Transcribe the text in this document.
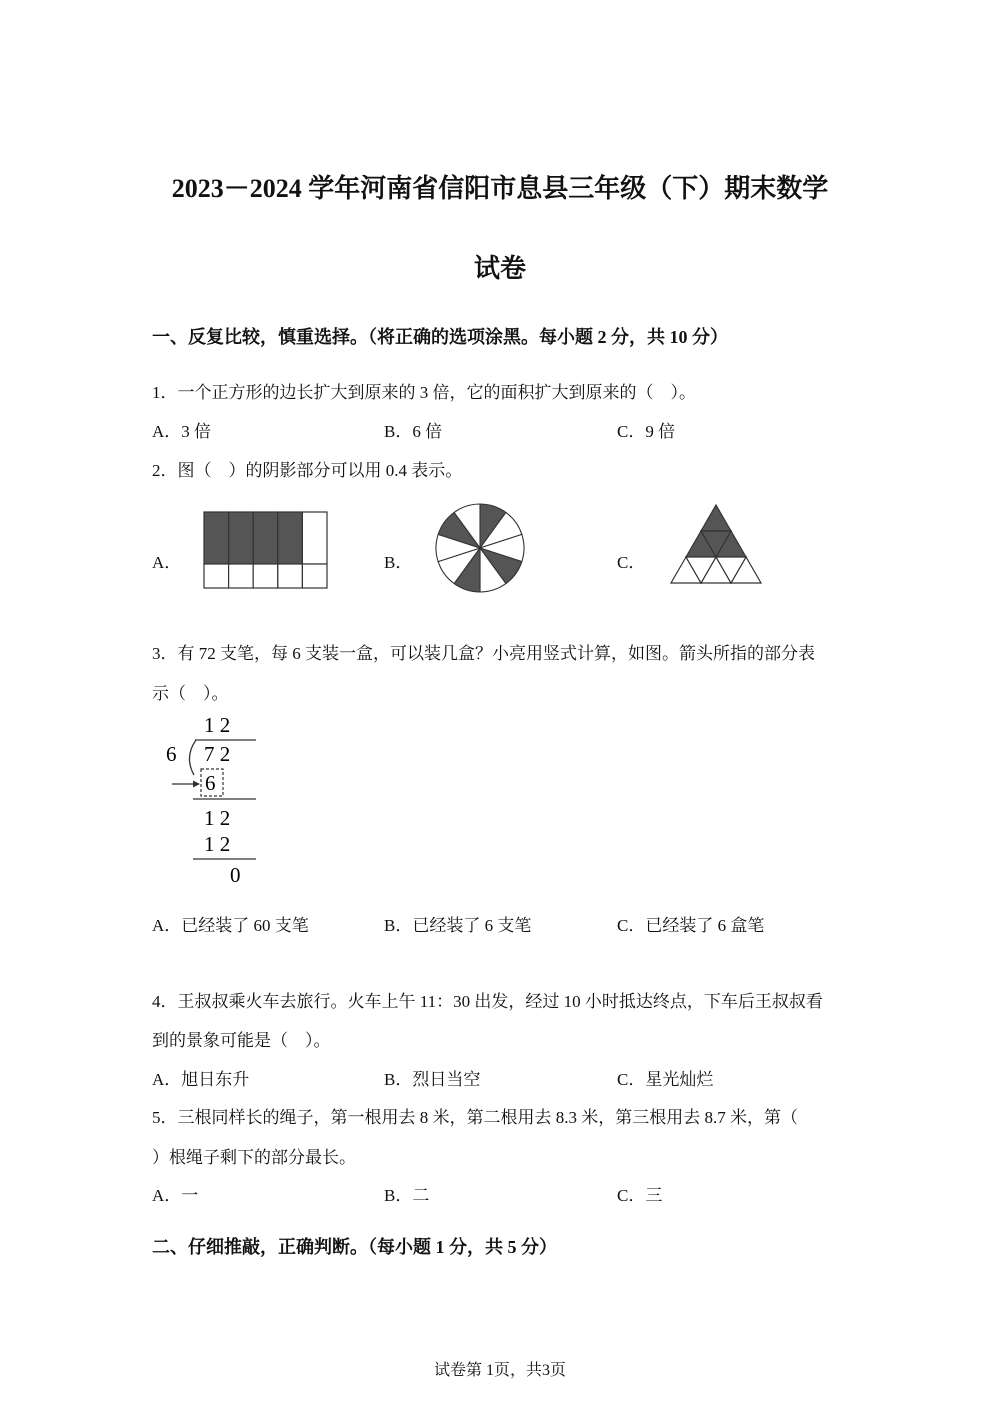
2023－2024 学年河南省信阳市息县三年级（下）期末数学
试卷
一、反复比较，慎重选择。（将正确的选项涂黑。每小题 2 分，共 10 分）
1．一个正方形的边长扩大到原来的 3 倍，它的面积扩大到原来的（　）。
A．3 倍	B．6 倍	C．9 倍
2．图（　）的阴影部分可以用 0.4 表示。
A．	B．	C．
3．有 72 支笔，每 6 支装一盒，可以装几盒？小亮用竖式计算，如图。箭头所指的部分表
示（　）。
1 2
6 7 2
6
1 2
1 2
0
A．已经装了 60 支笔	B．已经装了 6 支笔	C．已经装了 6 盒笔
4．王叔叔乘火车去旅行。火车上午 11：30 出发，经过 10 小时抵达终点，下车后王叔叔看
到的景象可能是（　）。
A．旭日东升	B．烈日当空	C．星光灿烂
5．三根同样长的绳子，第一根用去 8 米，第二根用去 8.3 米，第三根用去 8.7 米，第（
）根绳子剩下的部分最长。
A．一	B．二	C．三
二、仔细推敲，正确判断。（每小题 1 分，共 5 分）
试卷第 1页，共3页
